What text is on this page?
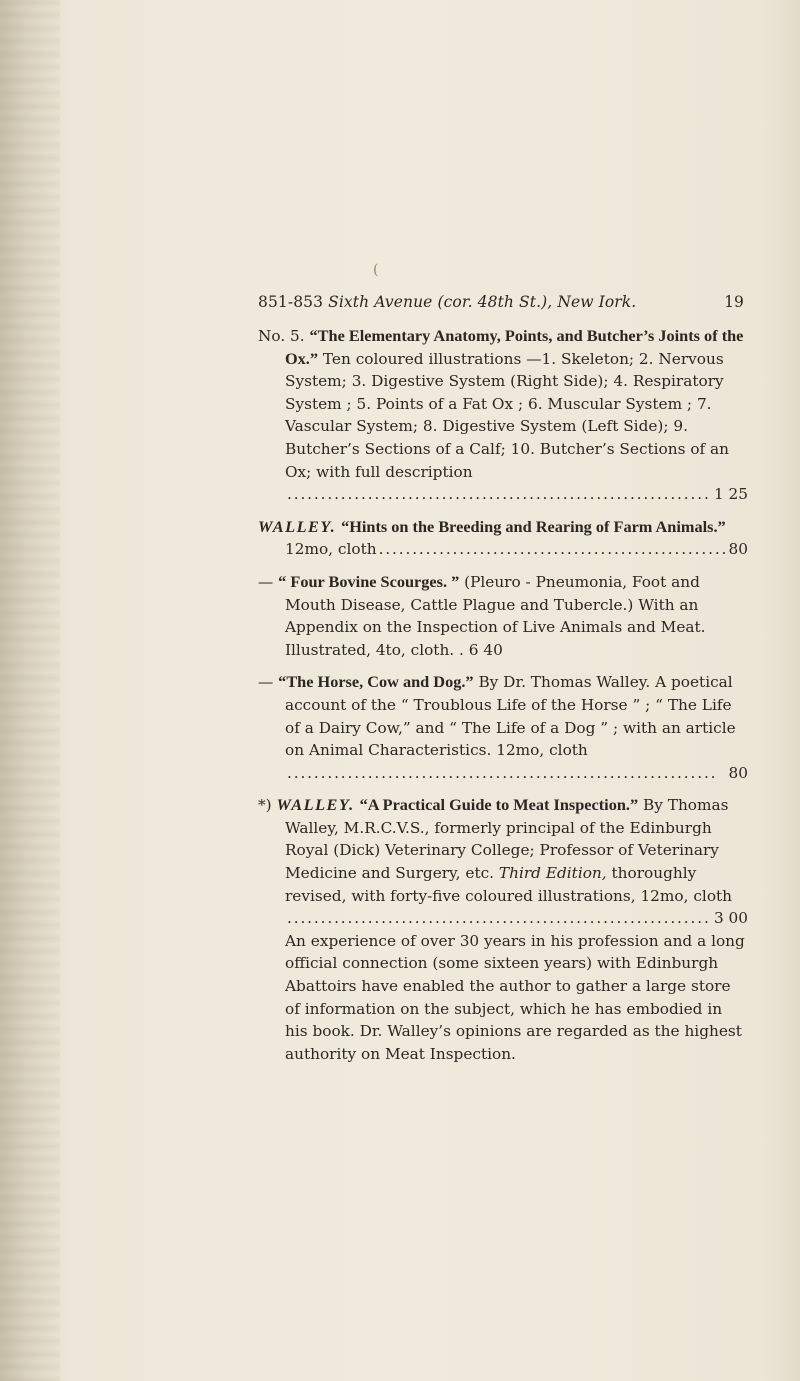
(
851-853 Sixth Avenue (cor. 48th St.), New Iork.	19
No. 5. “The Elementary Anatomy, Points, and Butcher’s Joints of the Ox.” Ten coloured illustrations —1. Skeleton; 2. Nervous System; 3. Digestive System (Right Side); 4. Respiratory System ; 5. Points of a Fat Ox ; 6. Muscular System ; 7. Vascular System; 8. Digestive System (Left Side); 9. Butcher’s Sections of a Calf; 10. Butcher’s Sections of an Ox; with full description
. . .
1 25
WALLEY. “Hints on the Breeding and Rearing of Farm Animals.”
12mo, cloth
. . .	80
— “ Four Bovine Scourges. ” (Pleuro - Pneumonia, Foot and Mouth Disease, Cattle Plague and Tubercle.) With an Appendix on the Inspection of Live Animals and Meat. Illustrated, 4to, cloth. . 6 40
— “The Horse, Cow and Dog.” By Dr. Thomas Walley. A poetical account of the “ Troublous Life of the Horse ” ; “ The Life of a Dairy Cow,” and “ The Life of a Dog ” ; with an article on Animal Characteristics. 12mo, cloth
. . .
80
*) WALLEY. “A Practical Guide to Meat Inspection.” By Thomas Walley, M.R.C.V.S., formerly principal of the Edinburgh Royal (Dick) Veterinary College; Professor of Veterinary Medicine and Surgery, etc. Third Edition, thoroughly revised, with forty-five coloured illustrations, 12mo, cloth
. . .
3 00
An experience of over 30 years in his profession and a long official connection (some sixteen years) with Edinburgh Abattoirs have enabled the author to gather a large store of information on the subject, which he has embodied in his book. Dr. Walley’s opinions are regarded as the highest authority on Meat Inspection.
